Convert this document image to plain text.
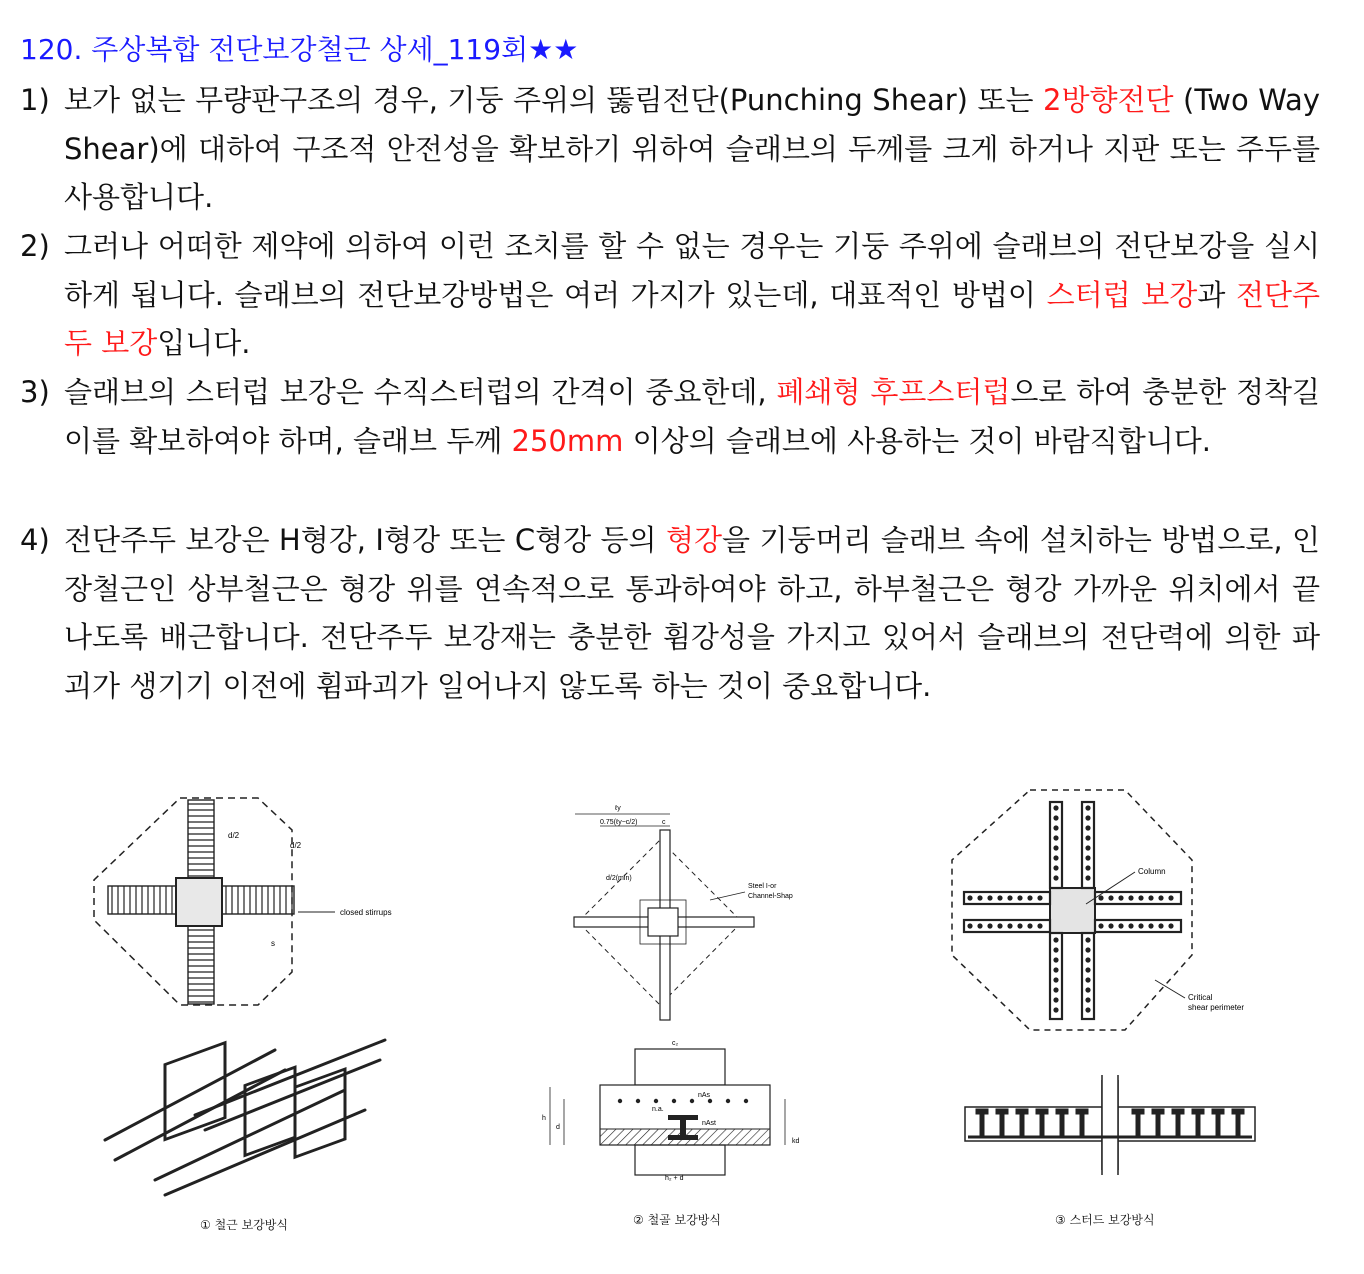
120. 주상복합 전단보강철근 상세_119회★★
1) 보가 없는 무량판구조의 경우, 기둥 주위의 뚫림전단(Punching Shear) 또는 2방향전단 (Two Way Shear)에 대하여 구조적 안전성을 확보하기 위하여 슬래브의 두께를 크게 하거나 지판 또는 주두를 사용합니다.
2) 그러나 어떠한 제약에 의하여 이런 조치를 할 수 없는 경우는 기둥 주위에 슬래브의 전단보강을 실시하게 됩니다. 슬래브의 전단보강방법은 여러 가지가 있는데, 대표적인 방법이 스터럽 보강과 전단주두 보강입니다.
3) 슬래브의 스터럽 보강은 수직스터럽의 간격이 중요한데, 폐쇄형 후프스터럽으로 하여 충분한 정착길이를 확보하여야 하며, 슬래브 두께 250mm 이상의 슬래브에 사용하는 것이 바람직합니다.
4) 전단주두 보강은 H형강, I형강 또는 C형강 등의 형강을 기둥머리 슬래브 속에 설치하는 방법으로, 인장철근인 상부철근은 형강 위를 연속적으로 통과하여야 하고, 하부철근은 형강 가까운 위치에서 끝나도록 배근합니다. 전단주두 보강재는 충분한 휨강성을 가지고 있어서 슬래브의 전단력에 의한 파괴가 생기기 이전에 휨파괴가 일어나지 않도록 하는 것이 중요합니다.
d/2
d/2
s
closed stirrups
① 철근 보강방식
ℓy
0.75(ℓy−c/2)	c
d/2(min)
Steel I-or
Channel-Shap
c₂
nAs
n.a.
nAst
h
d
kd
h₂ + d
② 철골 보강방식
Column
Critical
shear perimeter
③ 스터드 보강방식
